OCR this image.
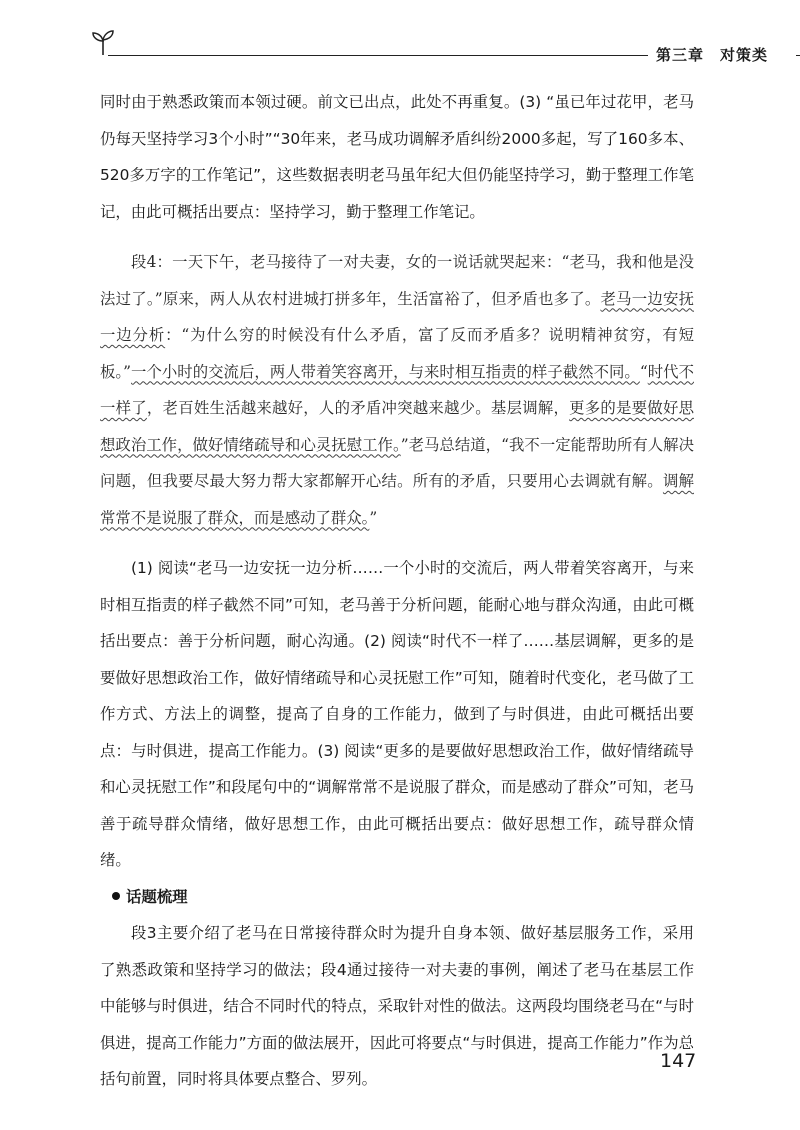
第三章　对策类

同时由于熟悉政策而本领过硬。前文已出点，此处不再重复。(3) “虽已年过花甲，老马仍每天坚持学习3个小时”“30年来，老马成功调解矛盾纠纷2000多起，写了160多本、520多万字的工作笔记”，这些数据表明老马虽年纪大但仍能坚持学习，勤于整理工作笔记，由此可概括出要点：坚持学习，勤于整理工作笔记。

段4：一天下午，老马接待了一对夫妻，女的一说话就哭起来：“老马，我和他是没法过了。”原来，两人从农村进城打拼多年，生活富裕了，但矛盾也多了。老马一边安抚一边分析：“为什么穷的时候没有什么矛盾，富了反而矛盾多？说明精神贫穷，有短板。”一个小时的交流后，两人带着笑容离开，与来时相互指责的样子截然不同。“时代不一样了，老百姓生活越来越好，人的矛盾冲突越来越少。基层调解，更多的是要做好思想政治工作，做好情绪疏导和心灵抚慰工作。”老马总结道，“我不一定能帮助所有人解决问题，但我要尽最大努力帮大家都解开心结。所有的矛盾，只要用心去调就有解。调解常常不是说服了群众，而是感动了群众。”

(1) 阅读“老马一边安抚一边分析……一个小时的交流后，两人带着笑容离开，与来时相互指责的样子截然不同”可知，老马善于分析问题，能耐心地与群众沟通，由此可概括出要点：善于分析问题，耐心沟通。(2) 阅读“时代不一样了……基层调解，更多的是要做好思想政治工作，做好情绪疏导和心灵抚慰工作”可知，随着时代变化，老马做了工作方式、方法上的调整，提高了自身的工作能力，做到了与时俱进，由此可概括出要点：与时俱进，提高工作能力。(3) 阅读“更多的是要做好思想政治工作，做好情绪疏导和心灵抚慰工作”和段尾句中的“调解常常不是说服了群众，而是感动了群众”可知，老马善于疏导群众情绪，做好思想工作，由此可概括出要点：做好思想工作，疏导群众情绪。

话题梳理

段3主要介绍了老马在日常接待群众时为提升自身本领、做好基层服务工作，采用了熟悉政策和坚持学习的做法；段4通过接待一对夫妻的事例，阐述了老马在基层工作中能够与时俱进，结合不同时代的特点，采取针对性的做法。这两段均围绕老马在“与时俱进，提高工作能力”方面的做法展开，因此可将要点“与时俱进，提高工作能力”作为总括句前置，同时将具体要点整合、罗列。

147
